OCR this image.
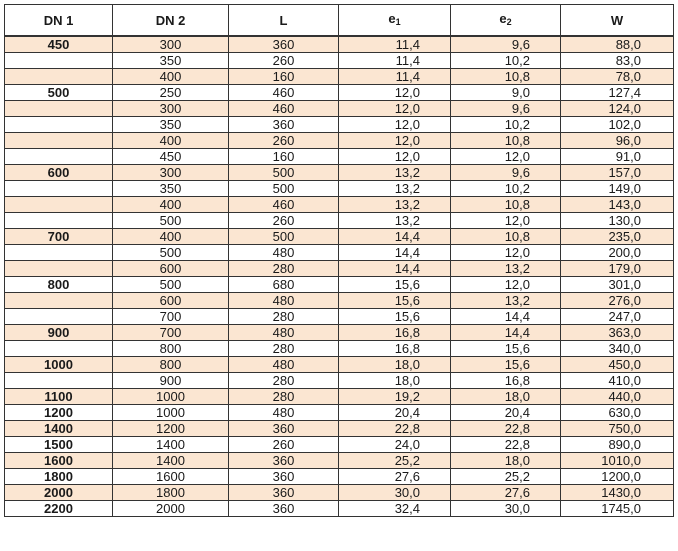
DN 1	DN 2	L	$e_1$	$e_2$	W
450	300	360	11,4	9,6	88,0
	350	260	11,4	10,2	83,0
	400	160	11,4	10,8	78,0
500	250	460	12,0	9,0	127,4
	300	460	12,0	9,6	124,0
	350	360	12,0	10,2	102,0
	400	260	12,0	10,8	96,0
	450	160	12,0	12,0	91,0
600	300	500	13,2	9,6	157,0
	350	500	13,2	10,2	149,0
	400	460	13,2	10,8	143,0
	500	260	13,2	12,0	130,0
700	400	500	14,4	10,8	235,0
	500	480	14,4	12,0	200,0
	600	280	14,4	13,2	179,0
800	500	680	15,6	12,0	301,0
	600	480	15,6	13,2	276,0
	700	280	15,6	14,4	247,0
900	700	480	16,8	14,4	363,0
	800	280	16,8	15,6	340,0
1000	800	480	18,0	15,6	450,0
	900	280	18,0	16,8	410,0
1100	1000	280	19,2	18,0	440,0
1200	1000	480	20,4	20,4	630,0
1400	1200	360	22,8	22,8	750,0
1500	1400	260	24,0	22,8	890,0
1600	1400	360	25,2	18,0	1010,0
1800	1600	360	27,6	25,2	1200,0
2000	1800	360	30,0	27,6	1430,0
2200	2000	360	32,4	30,0	1745,0
